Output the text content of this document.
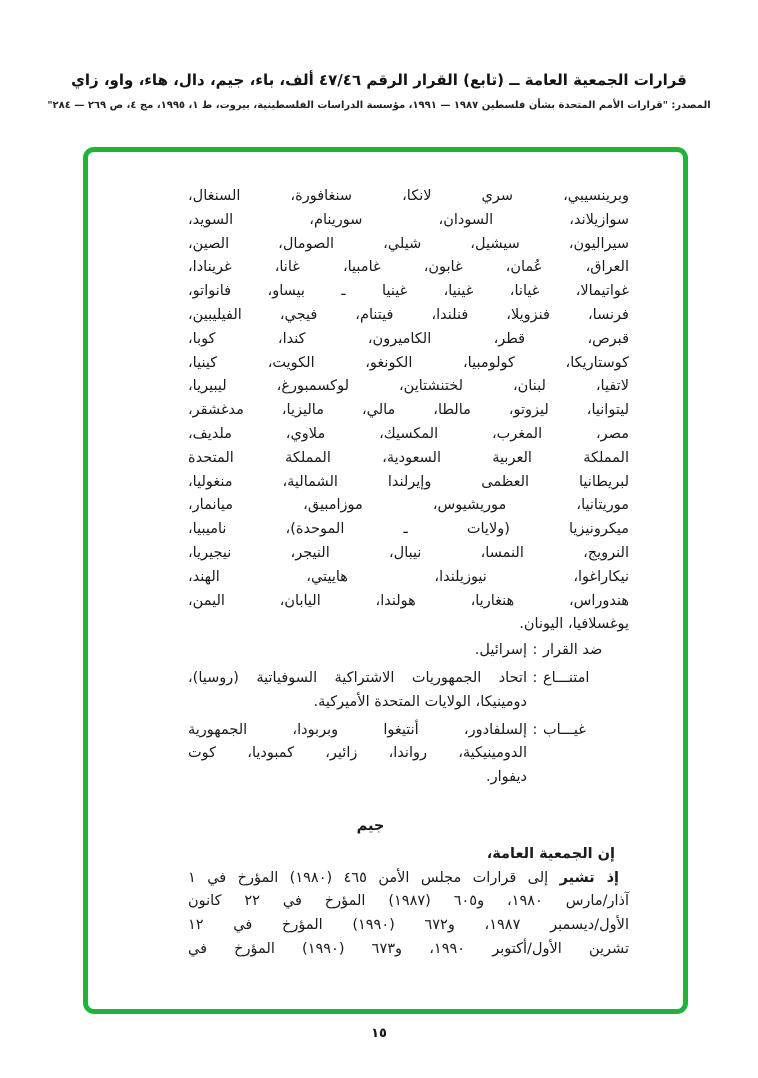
قرارات الجمعية العامة ــ (تابع) القرار الرقم ٤٧/٤٦ ألف، باء، جيم، دال، هاء، واو، زاي
المصدر: "قرارات الأمم المتحدة بشأن فلسطين ١٩٨٧ — ١٩٩١، مؤسسة الدراسات الفلسطينية، بيروت، ط ١، ١٩٩٥، مج ٤، ص ٢٦٩ — ٢٨٤"
وبرينسيبي، سري لانكا، سنغافورة، السنغال،
سوازيلاند، السودان، سورينام، السويد،
سيراليون، سيشيل، شيلي، الصومال، الصين،
العراق، عُمان، غابون، غامبيا، غانا، غرينادا،
غواتيمالا، غيانا، غينيا، غينيا ـ بيساو، فانواتو،
فرنسا، فنزويلا، فنلندا، فيتنام، فيجي، الفيليبين،
قبرص، قطر، الكاميرون، كندا، كوبا،
كوستاريكا، كولومبيا، الكونغو، الكويت، كينيا،
لاتفيا، لبنان، لختنشتاين، لوكسمبورغ، ليبيريا،
ليتوانيا، ليزوتو، مالطا، مالي، ماليزيا، مدغشقر،
مصر، المغرب، المكسيك، ملاوي، ملديف،
المملكة العربية السعودية، المملكة المتحدة
لبريطانيا العظمى وإيرلندا الشمالية، منغوليا،
موريتانيا، موريشيوس، موزامبيق، ميانمار،
ميكرونيزيا (ولايات ـ الموحدة)، ناميبيا،
النرويج، النمسا، نيبال، النيجر، نيجيريا،
نيكاراغوا، نيوزيلندا، هاييتي، الهند،
هندوراس، هنغاريا، هولندا، اليابان، اليمن،
يوغسلافيا، اليونان.
ضد القرار
:
إسرائيل.
امتنـــاع
:
اتحاد الجمهوريات الاشتراكية السوفياتية (روسيا)،
دومينيكا، الولايات المتحدة الأميركية.
غيـــاب
:
إلسلفادور، أنتيغوا وبربودا، الجمهورية
الدومينيكية، رواندا، زائير، كمبوديا، كوت
ديفوار.
جيم
إن الجمعية العامة،
إذ تشير إلى قرارات مجلس الأمن ٤٦٥ (١٩٨٠) المؤرخ في ١
آذار/مارس ١٩٨٠، و٦٠٥ (١٩٨٧) المؤرخ في ٢٢ كانون
الأول/ديسمبر ١٩٨٧، و٦٧٢ (١٩٩٠) المؤرخ في ١٢
تشرين الأول/أكتوبر ١٩٩٠، و٦٧٣ (١٩٩٠) المؤرخ في
١٥
